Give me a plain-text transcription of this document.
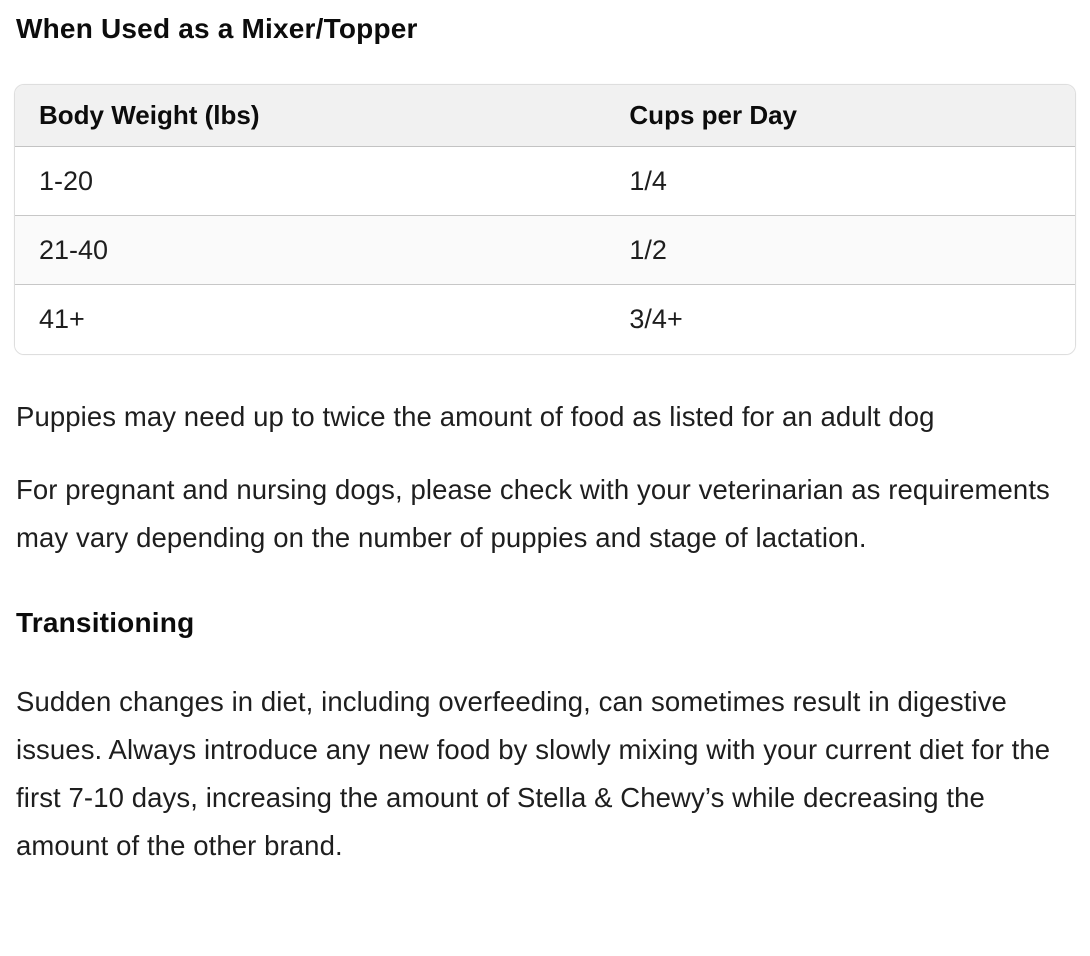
When Used as a Mixer/Topper
Body Weight (lbs)	Cups per Day
1-20	1/4
21-40	1/2
41+	3/4+

Puppies may need up to twice the amount of food as listed for an adult dog

For pregnant and nursing dogs, please check with your veterinarian as requirements may vary depending on the number of puppies and stage of lactation.

Transitioning

Sudden changes in diet, including overfeeding, can sometimes result in digestive issues. Always introduce any new food by slowly mixing with your current diet for the first 7-10 days, increasing the amount of Stella & Chewy’s while decreasing the amount of the other brand.
